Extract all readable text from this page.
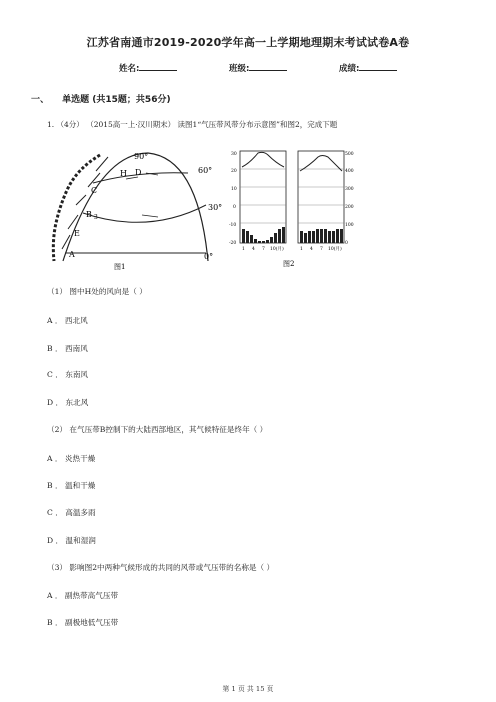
江苏省南通市2019-2020学年高一上学期地理期末考试试卷A卷
姓名:	班级:	成绩:
一、 单选题 (共15题；共56分)
1. （4分） （2015高一上·汉川期末） 读图1“气压带风带分布示意图”和图2，完成下题
90°
60°
30°
0°
D
H
C
B 3
E
A
图1
30
20
10
0
-10
-20
500
400
300
200
100
0
1 4 7 10(月)	1 4 7 10(月)
图2
（1） 图中H处的风向是（ ）
A ． 西北风
B ． 西南风
C ． 东南风
D ． 东北风
（2） 在气压带B控制下的大陆西部地区，其气候特征是终年（ ）
A ． 炎热干燥
B ． 温和干燥
C ． 高温多雨
D ． 温和湿润
（3） 影响图2中两种气候形成的共同的风带或气压带的名称是（ ）
A ． 副热带高气压带
B ． 副极地低气压带
第 1 页 共 15 页
